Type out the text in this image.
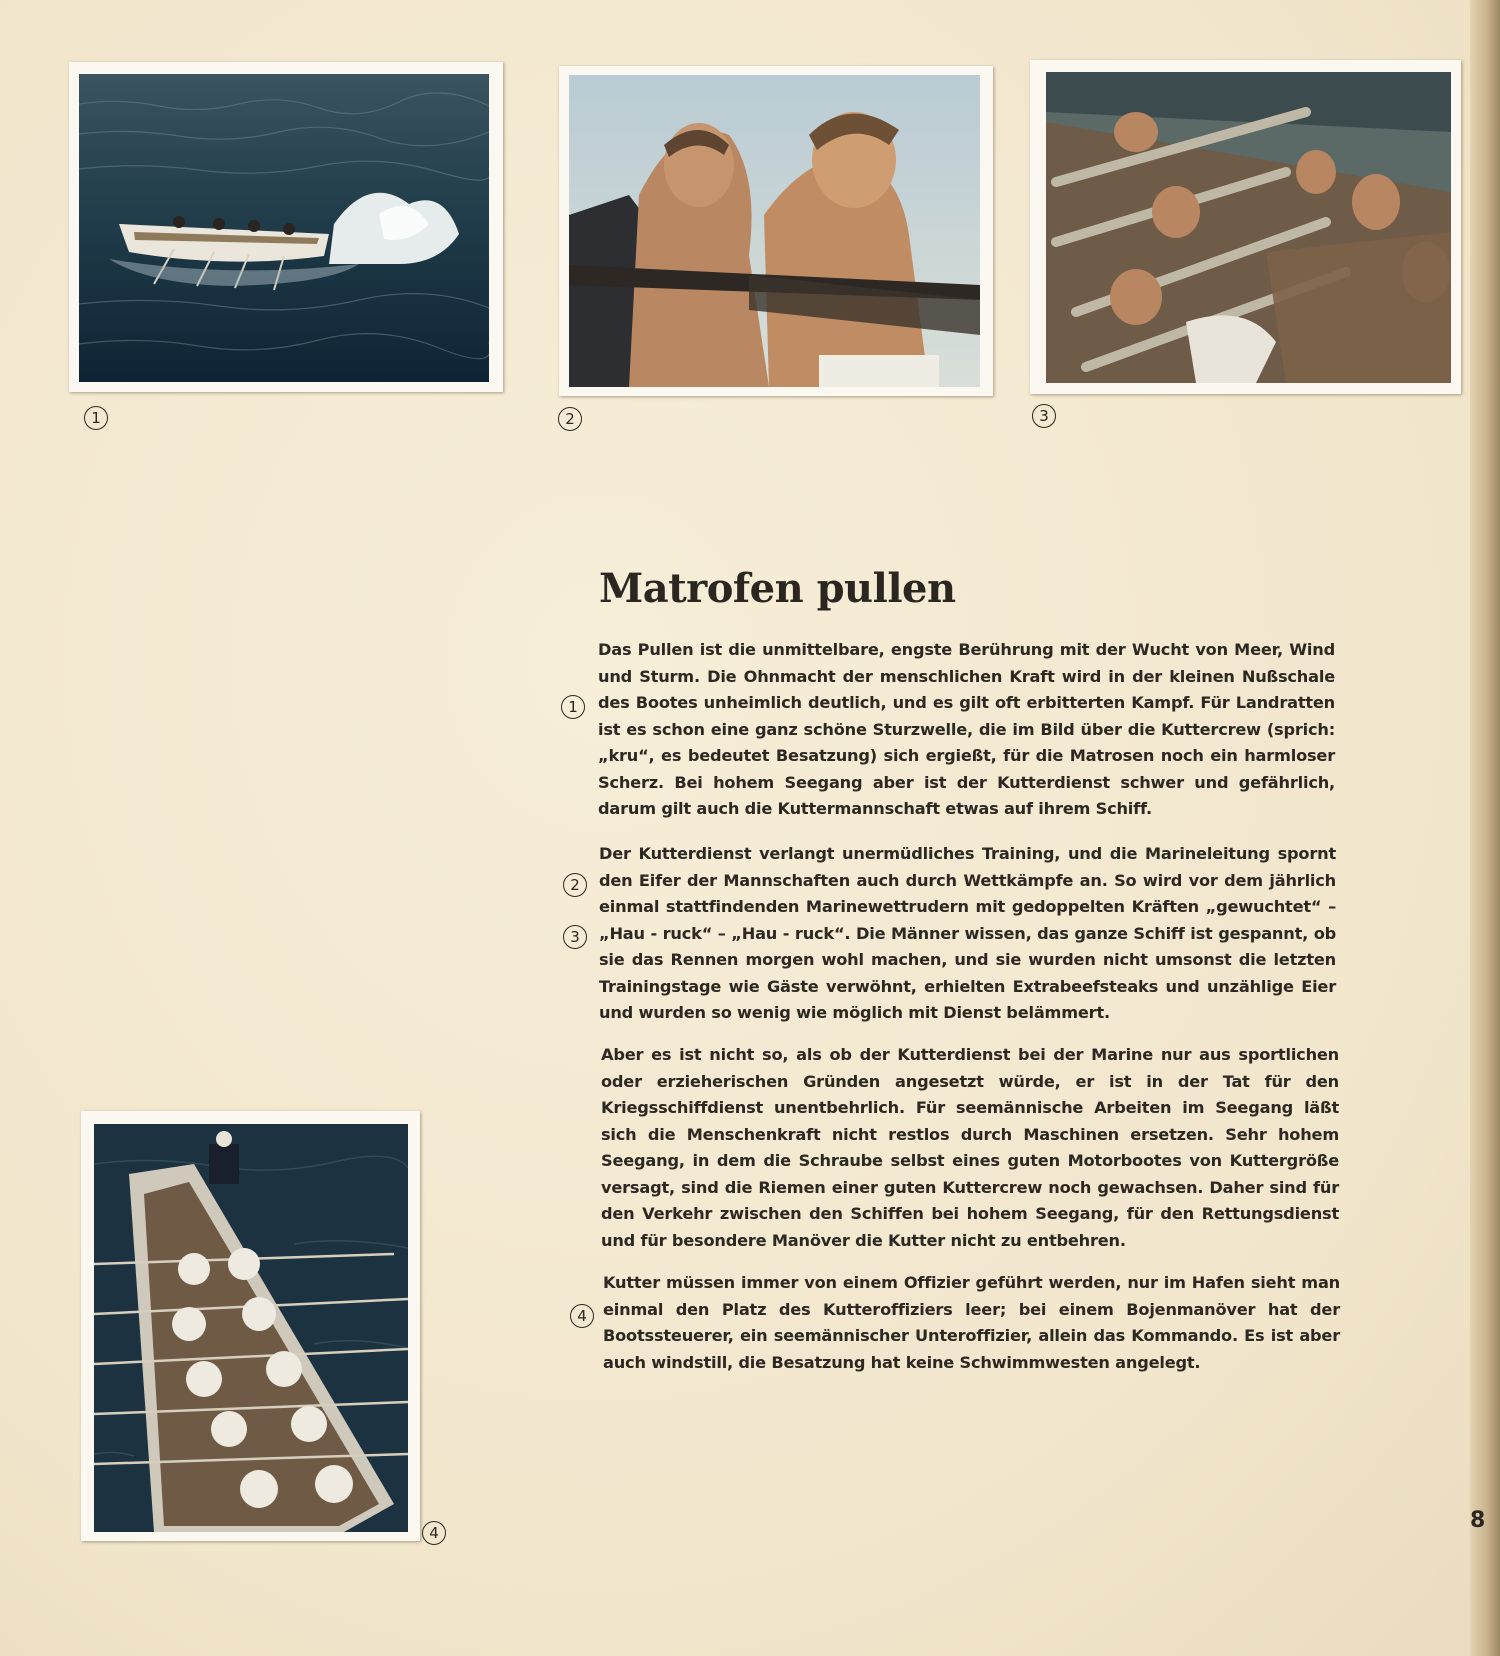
1	2	3
4
Matrofen pullen

Das Pullen ist die unmittelbare, engste Berührung mit der Wucht von Meer, Wind und Sturm. Die Ohnmacht der menschlichen Kraft wird in der kleinen Nußschale des Bootes unheimlich deutlich, und es gilt oft erbitterten Kampf. Für Landratten ist es schon eine ganz schöne Sturzwelle, die im Bild über die Kuttercrew (sprich: „kru“, es bedeutet Besatzung) sich ergießt, für die Matrosen noch ein harmloser Scherz. Bei hohem Seegang aber ist der Kutterdienst schwer und gefährlich, darum gilt auch die Kuttermannschaft etwas auf ihrem Schiff.

Der Kutterdienst verlangt unermüdliches Training, und die Marineleitung spornt den Eifer der Mannschaften auch durch Wettkämpfe an. So wird vor dem jährlich einmal stattfindenden Marinewettrudern mit gedoppelten Kräften „gewuchtet“ – „Hau - ruck“ – „Hau - ruck“. Die Männer wissen, das ganze Schiff ist gespannt, ob sie das Rennen morgen wohl machen, und sie wurden nicht umsonst die letzten Trainingstage wie Gäste verwöhnt, erhielten Extrabeefsteaks und unzählige Eier und wurden so wenig wie möglich mit Dienst belämmert.

Aber es ist nicht so, als ob der Kutterdienst bei der Marine nur aus sportlichen oder erzieherischen Gründen angesetzt würde, er ist in der Tat für den Kriegsschiffdienst unentbehrlich. Für seemännische Arbeiten im Seegang läßt sich die Menschenkraft nicht restlos durch Maschinen ersetzen. Sehr hohem Seegang, in dem die Schraube selbst eines guten Motorbootes von Kuttergröße versagt, sind die Riemen einer guten Kuttercrew noch gewachsen. Daher sind für den Verkehr zwischen den Schiffen bei hohem Seegang, für den Rettungsdienst und für besondere Manöver die Kutter nicht zu entbehren.

Kutter müssen immer von einem Offizier geführt werden, nur im Hafen sieht man einmal den Platz des Kutteroffiziers leer; bei einem Bojenmanöver hat der Bootssteuerer, ein seemännischer Unteroffizier, allein das Kommando. Es ist aber auch windstill, die Besatzung hat keine Schwimmwesten angelegt.

1
2
3
4
8
